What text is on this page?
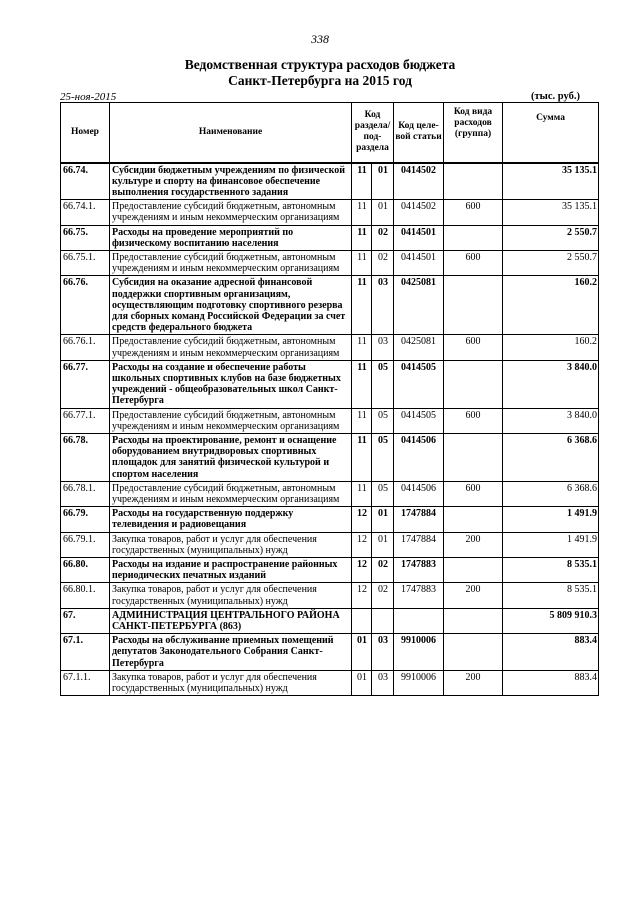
338
Ведомственная структура расходов бюджета
Санкт-Петербурга на 2015 год
25-ноя-2015	(тыс. руб.)
Номер	Наименование	Код раздела/ под-раздела		Код целе-вой статьи	Код вида расходов (группа)	Сумма
66.74.	Субсидии бюджетным учреждениям по физической культуре и спорту на финансовое обеспечение выполнения государственного задания	11	01	0414502		35 135.1
66.74.1.	Предоставление субсидий бюджетным, автономным учреждениям и иным некоммерческим организациям	11	01	0414502	600	35 135.1
66.75.	Расходы на проведение мероприятий по физическому воспитанию населения	11	02	0414501		2 550.7
66.75.1.	Предоставление субсидий бюджетным, автономным учреждениям и иным некоммерческим организациям	11	02	0414501	600	2 550.7
66.76.	Субсидия на оказание адресной финансовой поддержки спортивным организациям, осуществляющим подготовку спортивного резерва для сборных команд Российской Федерации за счет средств федерального бюджета	11	03	0425081		160.2
66.76.1.	Предоставление субсидий бюджетным, автономным учреждениям и иным некоммерческим организациям	11	03	0425081	600	160.2
66.77.	Расходы на создание и обеспечение работы школьных спортивных клубов на базе бюджетных учреждений - общеобразовательных школ Санкт-Петербурга	11	05	0414505		3 840.0
66.77.1.	Предоставление субсидий бюджетным, автономным учреждениям и иным некоммерческим организациям	11	05	0414505	600	3 840.0
66.78.	Расходы на проектирование, ремонт и оснащение оборудованием внутридворовых спортивных площадок для занятий физической культурой и спортом населения	11	05	0414506		6 368.6
66.78.1.	Предоставление субсидий бюджетным, автономным учреждениям и иным некоммерческим организациям	11	05	0414506	600	6 368.6
66.79.	Расходы на государственную поддержку телевидения и радиовещания	12	01	1747884		1 491.9
66.79.1.	Закупка товаров, работ и услуг для обеспечения государственных (муниципальных) нужд	12	01	1747884	200	1 491.9
66.80.	Расходы на издание и распространение районных периодических печатных изданий	12	02	1747883		8 535.1
66.80.1.	Закупка товаров, работ и услуг для обеспечения государственных (муниципальных) нужд	12	02	1747883	200	8 535.1
67.	АДМИНИСТРАЦИЯ ЦЕНТРАЛЬНОГО РАЙОНА САНКТ-ПЕТЕРБУРГА (863)					5 809 910.3
67.1.	Расходы на обслуживание приемных помещений депутатов Законодательного Собрания Санкт-Петербурга	01	03	9910006		883.4
67.1.1.	Закупка товаров, работ и услуг для обеспечения государственных (муниципальных) нужд	01	03	9910006	200	883.4
